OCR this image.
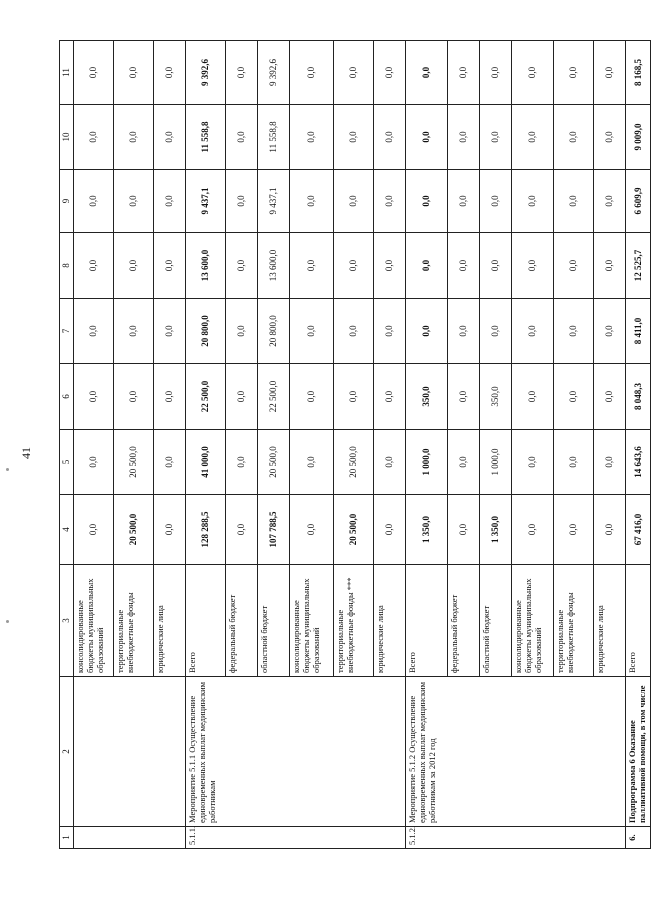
41
1	2	3	4	5	6	7	8	9	10	11
		консолидированные бюджеты муниципальных образований	0,0	0,0	0,0	0,0	0,0	0,0	0,0	0,0
		территориальные внебюджетные фонды	20 500,0	20 500,0	0,0	0,0	0,0	0,0	0,0	0,0
		юридические лица	0,0	0,0	0,0	0,0	0,0	0,0	0,0	0,0
5.1.1.	Мероприятие 5.1.1 Осуществление единовременных выплат медицинским работникам	Всего	128 288,5	41 000,0	22 500,0	20 800,0	13 600,0	9 437,1	11 558,8	9 392,6
		федеральный бюджет	0,0	0,0	0,0	0,0	0,0	0,0	0,0	0,0
		областной бюджет	107 788,5	20 500,0	22 500,0	20 800,0	13 600,0	9 437,1	11 558,8	9 392,6
		консолидированные бюджеты муниципальных образований	0,0	0,0	0,0	0,0	0,0	0,0	0,0	0,0
		территориальные внебюджетные фонды ***	20 500,0	20 500,0	0,0	0,0	0,0	0,0	0,0	0,0
		юридические лица	0,0	0,0	0,0	0,0	0,0	0,0	0,0	0,0
5.1.2.	Мероприятие 5.1.2 Осуществление единовременных выплат медицинским работникам за 2012 год	Всего	1 350,0	1 000,0	350,0	0,0	0,0	0,0	0,0	0,0
		федеральный бюджет	0,0	0,0	0,0	0,0	0,0	0,0	0,0	0,0
		областной бюджет	1 350,0	1 000,0	350,0	0,0	0,0	0,0	0,0	0,0
		консолидированные бюджеты муниципальных образований	0,0	0,0	0,0	0,0	0,0	0,0	0,0	0,0
		территориальные внебюджетные фонды	0,0	0,0	0,0	0,0	0,0	0,0	0,0	0,0
		юридические лица	0,0	0,0	0,0	0,0	0,0	0,0	0,0	0,0
6.	Подпрограмма 6 Оказание паллиативной помощи, в том числе	Всего	67 416,0	14 643,6	8 048,3	8 411,0	12 525,7	6 609,9	9 009,0	8 168,5
